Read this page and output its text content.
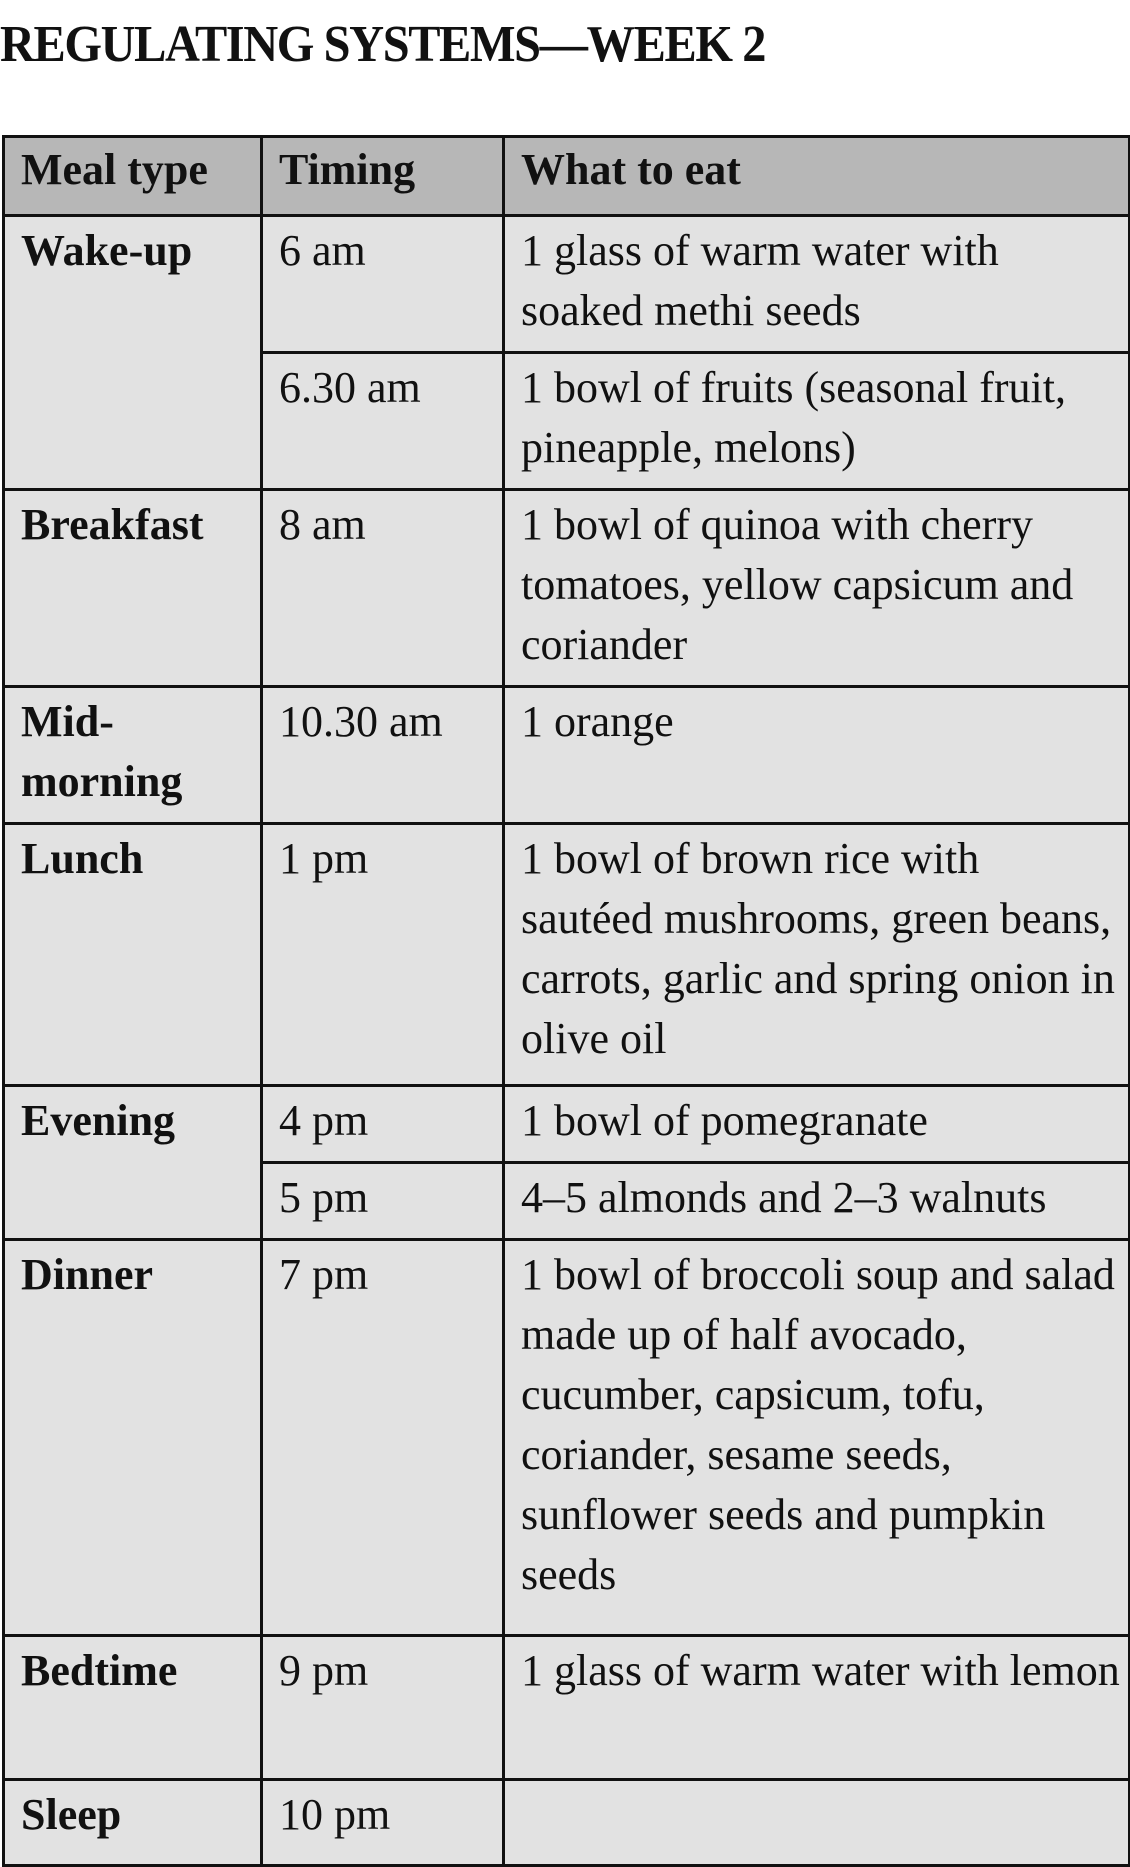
REGULATING SYSTEMS—WEEK 2
Meal type	Timing	What to eat
Wake-up	6 am	1 glass of warm water with soaked methi seeds
	6.30 am	1 bowl of fruits (seasonal fruit, pineapple, melons)
Breakfast	8 am	1 bowl of quinoa with cherry tomatoes, yellow capsicum and coriander
Mid-morning	10.30 am	1 orange
Lunch	1 pm	1 bowl of brown rice with sautéed mushrooms, green beans, carrots, garlic and spring onion in olive oil
Evening	4 pm	1 bowl of pomegranate
	5 pm	4–5 almonds and 2–3 walnuts
Dinner	7 pm	1 bowl of broccoli soup and salad made up of half avocado, cucumber, capsicum, tofu, coriander, sesame seeds, sunflower seeds and pumpkin seeds
Bedtime	9 pm	1 glass of warm water with lemon
Sleep	10 pm	
